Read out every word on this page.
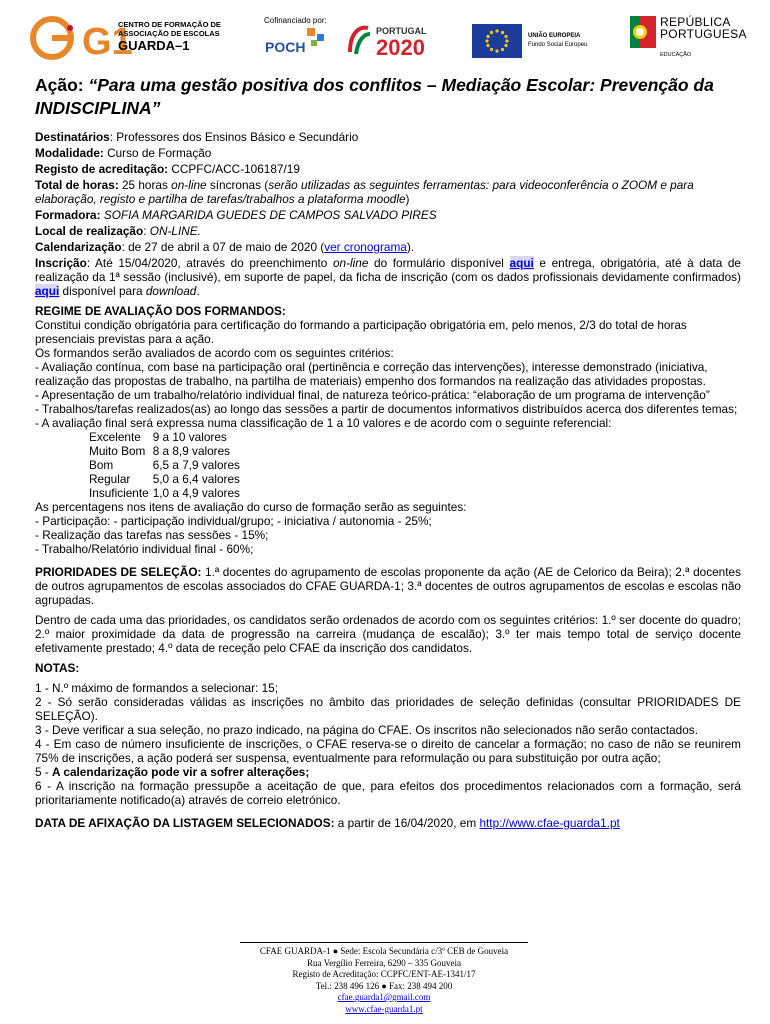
G1
CENTRO DE FORMAÇÃO DE
ASSOCIAÇÃO DE ESCOLAS
GUARDA–1
Cofinanciado por:
POCH
PORTUGAL
2020	UNIÃO EUROPEIA
Fundo Social Europeu
REPÚBLICA
PORTUGUESA
EDUCAÇÃO
Ação: “Para uma gestão positiva dos conflitos – Mediação Escolar: Prevenção da INDISCIPLINA”

Destinatários: Professores dos Ensinos Básico e Secundário

Modalidade: Curso de Formação

Registo de acreditação: CCPFC/ACC-106187/19

Total de horas: 25 horas on-line síncronas (serão utilizadas as seguintes ferramentas: para videoconferência o ZOOM e para elaboração, registo e partilha de tarefas/trabalhos a plataforma moodle)

Formadora: SOFIA MARGARIDA GUEDES DE CAMPOS SALVADO PIRES

Local de realização: ON-LINE.

Calendarização: de 27 de abril a 07 de maio de 2020 (ver cronograma).

Inscrição: Até 15/04/2020, através do preenchimento on-line do formulário disponível aqui e entrega, obrigatória, até à data de realização da 1ª sessão (inclusivé), em suporte de papel, da ficha de inscrição (com os dados profissionais devidamente confirmados) aqui disponível para download.

REGIME DE AVALIAÇÃO DOS FORMANDOS:

Constitui condição obrigatória para certificação do formando a participação obrigatória em, pelo menos, 2/3 do total de horas presenciais previstas para a ação.

Os formandos serão avaliados de acordo com os seguintes critérios:

- Avaliação contínua, com base na participação oral (pertinência e correção das intervenções), interesse demonstrado (iniciativa, realização das propostas de trabalho, na partilha de materiais) empenho dos formandos na realização das atividades propostas.

- Apresentação de um trabalho/relatório individual final, de natureza teórico-prática: “elaboração de um programa de intervenção”

- Trabalhos/tarefas realizados(as) ao longo das sessões a partir de documentos informativos distribuídos acerca dos diferentes temas;

- A avaliação final será expressa numa classificação de 1 a 10 valores e de acordo com o seguinte referencial:

Excelente	9 a 10 valores
Muito Bom	8 a 8,9 valores
Bom	6,5 a 7,9 valores
Regular	5,0 a 6,4 valores
Insuficiente	1,0 a 4,9 valores

As percentagens nos itens de avaliação do curso de formação serão as seguintes:

- Participação: - participação individual/grupo; - iniciativa / autonomia - 25%;

- Realização das tarefas nas sessões - 15%;

- Trabalho/Relatório individual final - 60%;

PRIORIDADES DE SELEÇÃO: 1.ª docentes do agrupamento de escolas proponente da ação (AE de Celorico da Beira); 2.ª docentes de outros agrupamentos de escolas associados do CFAE GUARDA-1; 3.ª docentes de outros agrupamentos de escolas e escolas não agrupadas.

Dentro de cada uma das prioridades, os candidatos serão ordenados de acordo com os seguintes critérios: 1.º ser docente do quadro; 2.º maior proximidade da data de progressão na carreira (mudança de escalão); 3.º ter mais tempo total de serviço docente efetivamente prestado; 4.º data de receção pelo CFAE da inscrição dos candidatos.

NOTAS:

1 - N.º máximo de formandos a selecionar: 15;

2 - Só serão consideradas válidas as inscrições no âmbito das prioridades de seleção definidas (consultar PRIORIDADES DE SELEÇÃO).

3 - Deve verificar a sua seleção, no prazo indicado, na página do CFAE. Os inscritos não selecionados não serão contactados.

4 - Em caso de número insuficiente de inscrições, o CFAE reserva-se o direito de cancelar a formação; no caso de não se reunirem 75% de inscrições, a ação poderá ser suspensa, eventualmente para reformulação ou para substituição por outra ação;

5 - A calendarização pode vir a sofrer alterações;

6 - A inscrição na formação pressupõe a aceitação de que, para efeitos dos procedimentos relacionados com a formação, será prioritariamente notificado(a) através de correio eletrónico.

DATA DE AFIXAÇÃO DA LISTAGEM SELECIONADOS: a partir de 16/04/2020, em http://www.cfae-guarda1.pt

CFAE GUARDA-1 ● Sede: Escola Secundária c/3º CEB de Gouveia
Rua Vergílio Ferreira, 6290 – 335 Gouveia
Registo de Acreditação: CCPFC/ENT-AE-1341/17
Tel.: 238 496 126 ● Fax: 238 494 200
cfae.guarda1@gmail.com
www.cfae-guarda1.pt
